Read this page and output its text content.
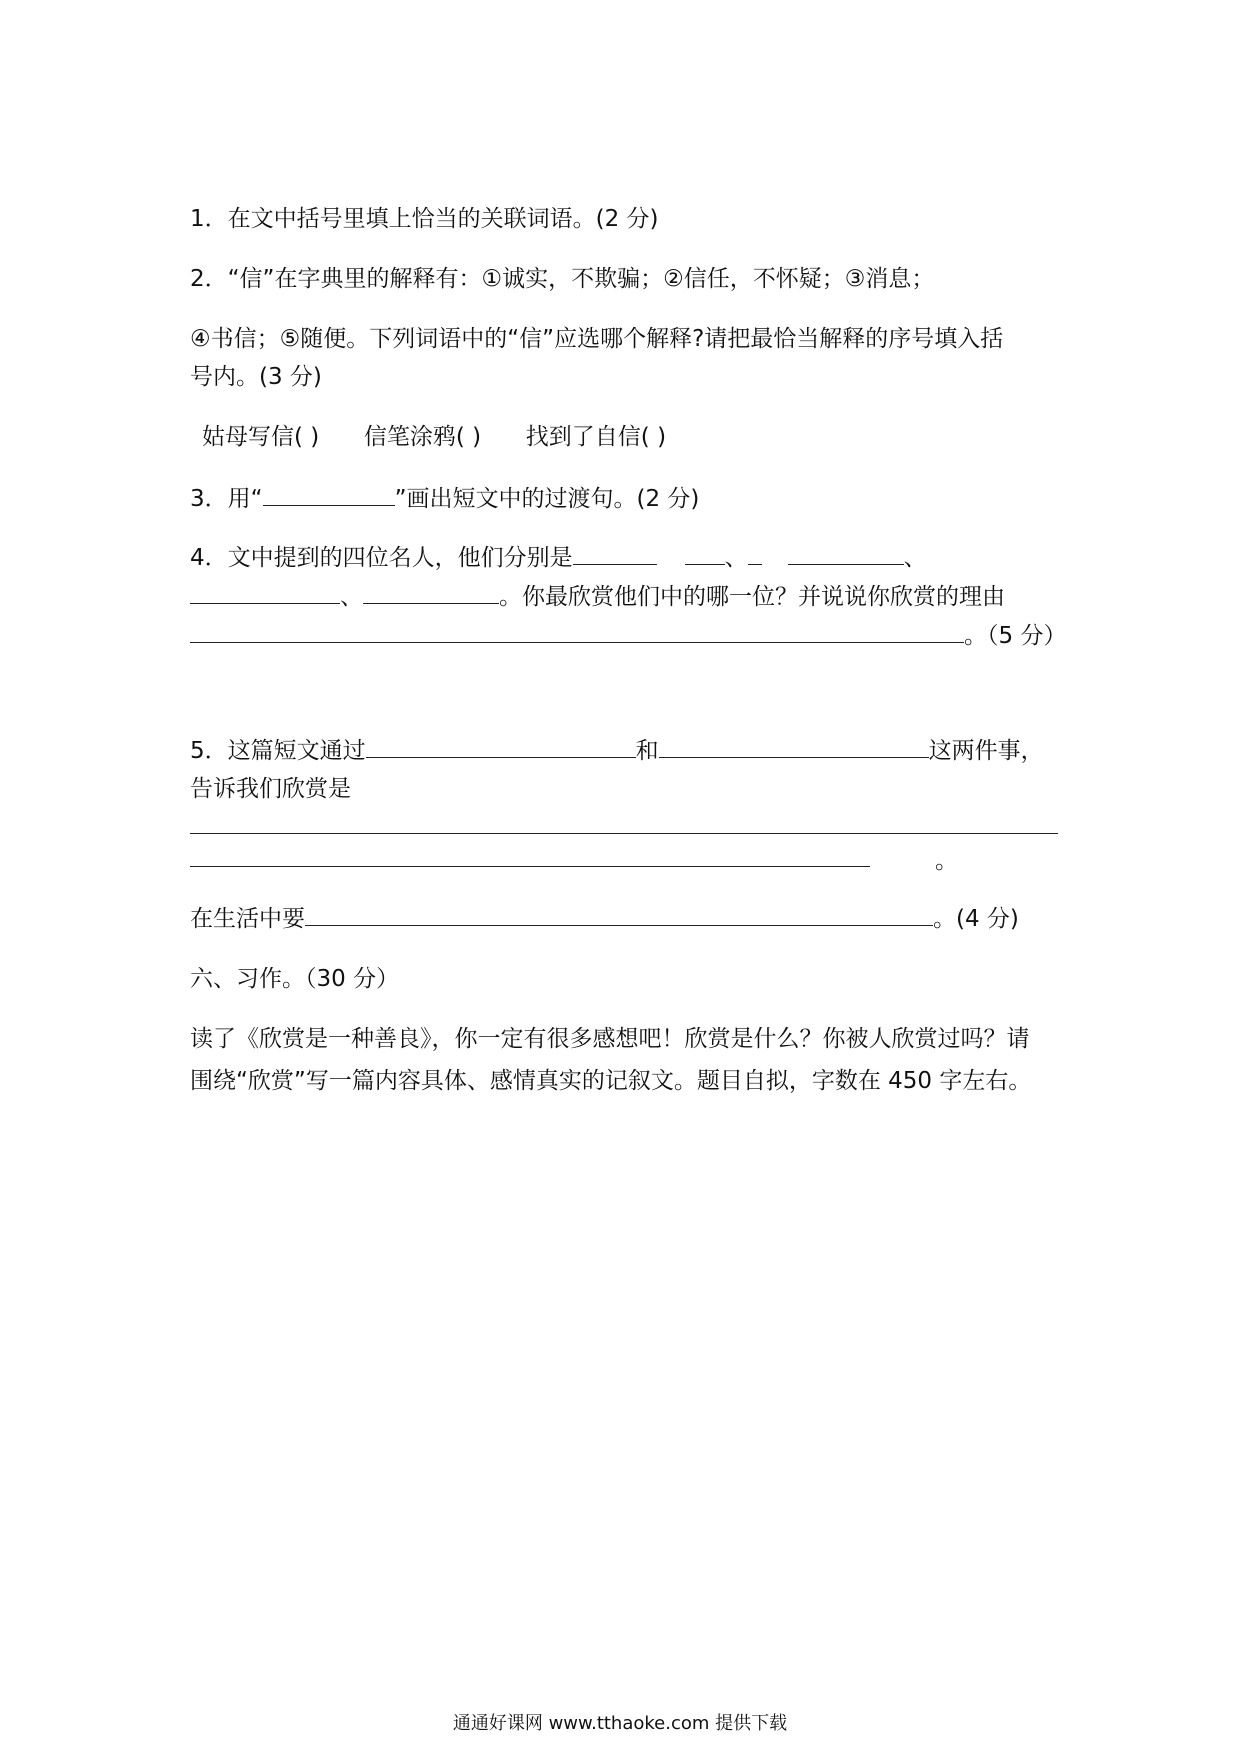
1．在文中括号里填上恰当的关联词语。(2 分)
2．“信”在字典里的解释有：①诚实，不欺骗；②信任，不怀疑；③消息；
④书信；⑤随便。下列词语中的“信”应选哪个解释?请把最恰当解释的序号填入括
号内。(3 分)
姑母写信( ) 信笔涂鸦( ) 找到了自信( )
3．用“	”画出短文中的过渡句。(2 分)
4．文中提到的四位名人，他们分别是	、	、
、	。你最欣赏他们中的哪一位？并说说你欣赏的理由
。（5 分）
5．这篇短文通过	和	这两件事，
告诉我们欣赏是
。
在生活中要	。(4 分)
六、习作。（30 分）
读了《欣赏是一种善良》，你一定有很多感想吧！欣赏是什么？你被人欣赏过吗？请
围绕“欣赏”写一篇内容具体、感情真实的记叙文。题目自拟，字数在 450 字左右。
通通好课网 www.tthaoke.com 提供下载
